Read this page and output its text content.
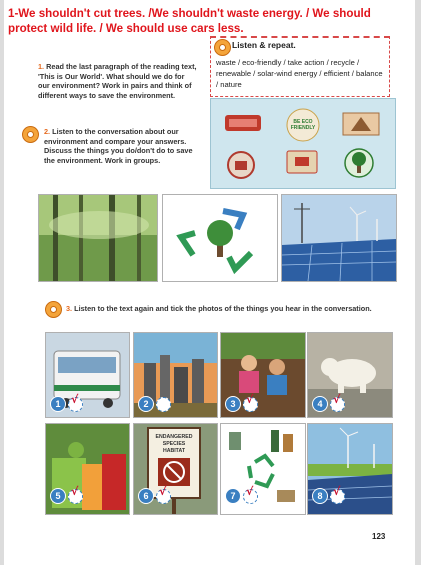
1-We shouldn't cut trees. /We shouldn't waste energy. / We should protect wild life. / We should use cars less.
Listen & repeat.
waste / eco-friendly / take action / recycle / renewable / solar-wind energy / efficient / balance / nature
1. Read the last paragraph of the reading text, 'This is Our World'. What should we do for our environment? Work in pairs and think of different ways to save the environment.
2. Listen to the conversation about our environment and compare your answers. Discuss the things you do/don't do to save the environment. Work in groups.
BE ECO
FRIENDLY
3. Listen to the text again and tick the photos of the things you hear in the conversation.
ENDANGERED
SPECIES
HABITAT
1 √	2	3 √	4 √
5 √	6 √	7 √	8 √
123
